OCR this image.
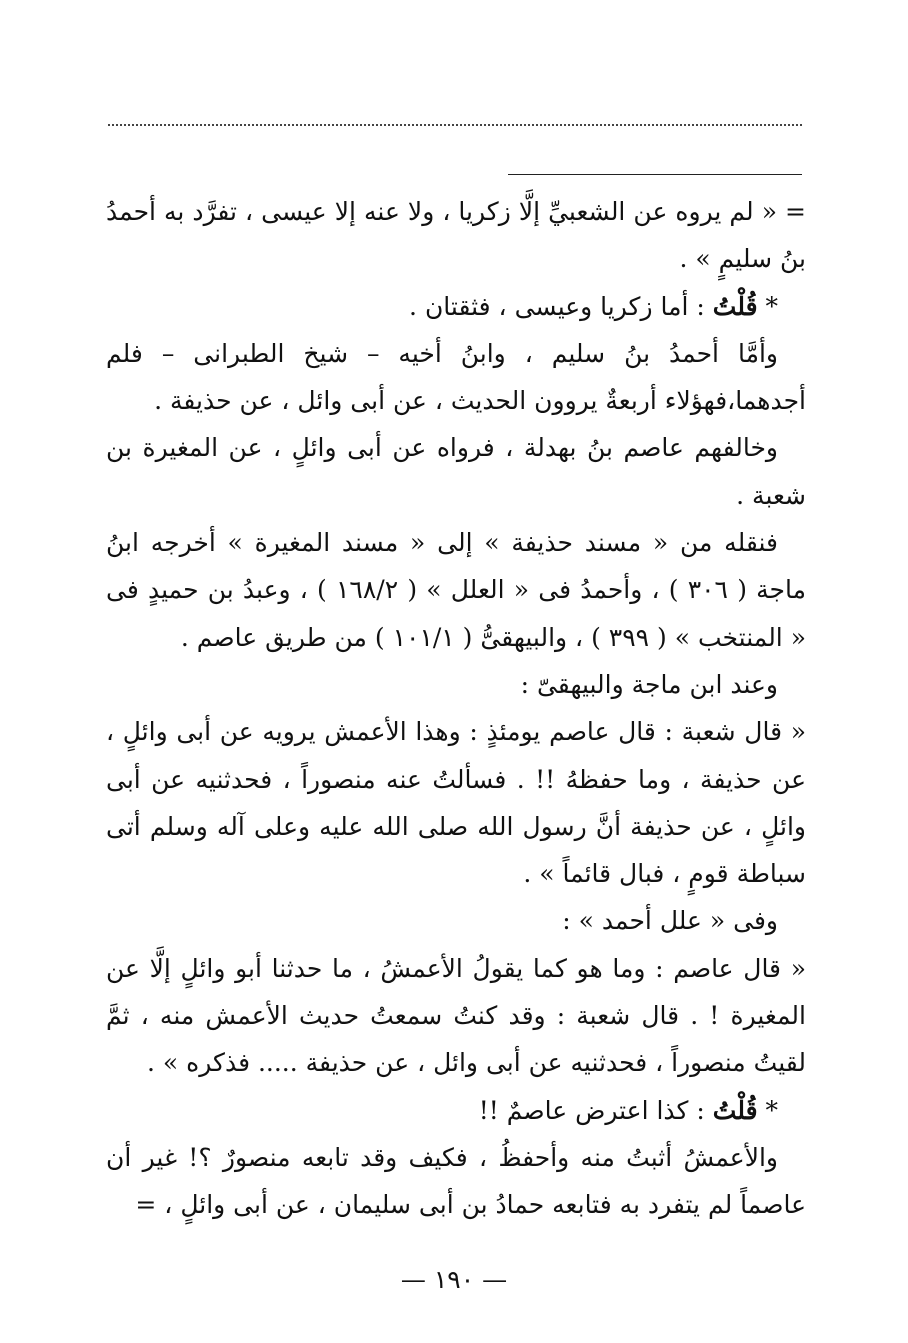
= « لم يروه عن الشعبيِّ إلَّا زكريا ، ولا عنه إلا عيسى ، تفرَّد به أحمدُ بنُ سليمٍ » .

* قُلْتُ : أما زكريا وعيسى ، فثقتان .

وأمَّا أحمدُ بنُ سليم ، وابنُ أخيه – شيخ الطبرانى – فلم أجدهما،فهؤلاء أربعةٌ يروون الحديث ، عن أبى وائل ، عن حذيفة .

وخالفهم عاصم بنُ بهدلة ، فرواه عن أبى وائلٍ ، عن المغيرة بن شعبة .

فنقله من « مسند حذيفة » إلى « مسند المغيرة » أخرجه ابنُ ماجة ( ٣٠٦ ) ، وأحمدُ فى « العلل » ( ١٦٨/٢ ) ، وعبدُ بن حميدٍ فى « المنتخب » ( ٣٩٩ ) ، والبيهقىُّ ( ١٠١/١ ) من طريق عاصم .

وعند ابن ماجة والبيهقىّ :

« قال شعبة : قال عاصم يومئذٍ : وهذا الأعمش يرويه عن أبى وائلٍ ، عن حذيفة ، وما حفظهُ !! . فسألتُ عنه منصوراً ، فحدثنيه عن أبى وائلٍ ، عن حذيفة أنَّ رسول الله صلى الله عليه وعلى آله وسلم أتى سباطة قومٍ ، فبال قائماً » .

وفى « علل أحمد » :

« قال عاصم : وما هو كما يقولُ الأعمشُ ، ما حدثنا أبو وائلٍ إلَّا عن المغيرة ! . قال شعبة : وقد كنتُ سمعتُ حديث الأعمش منه ، ثمَّ لقيتُ منصوراً ، فحدثنيه عن أبى وائل ، عن حذيفة ..... فذكره » .

* قُلْتُ : كذا اعترض عاصمٌ !!

والأعمشُ أثبتُ منه وأحفظُ ، فكيف وقد تابعه منصورٌ ؟! غير أن عاصماً لم يتفرد به فتابعه حمادُ بن أبى سليمان ، عن أبى وائلٍ ، =

— ١٩٠ —
